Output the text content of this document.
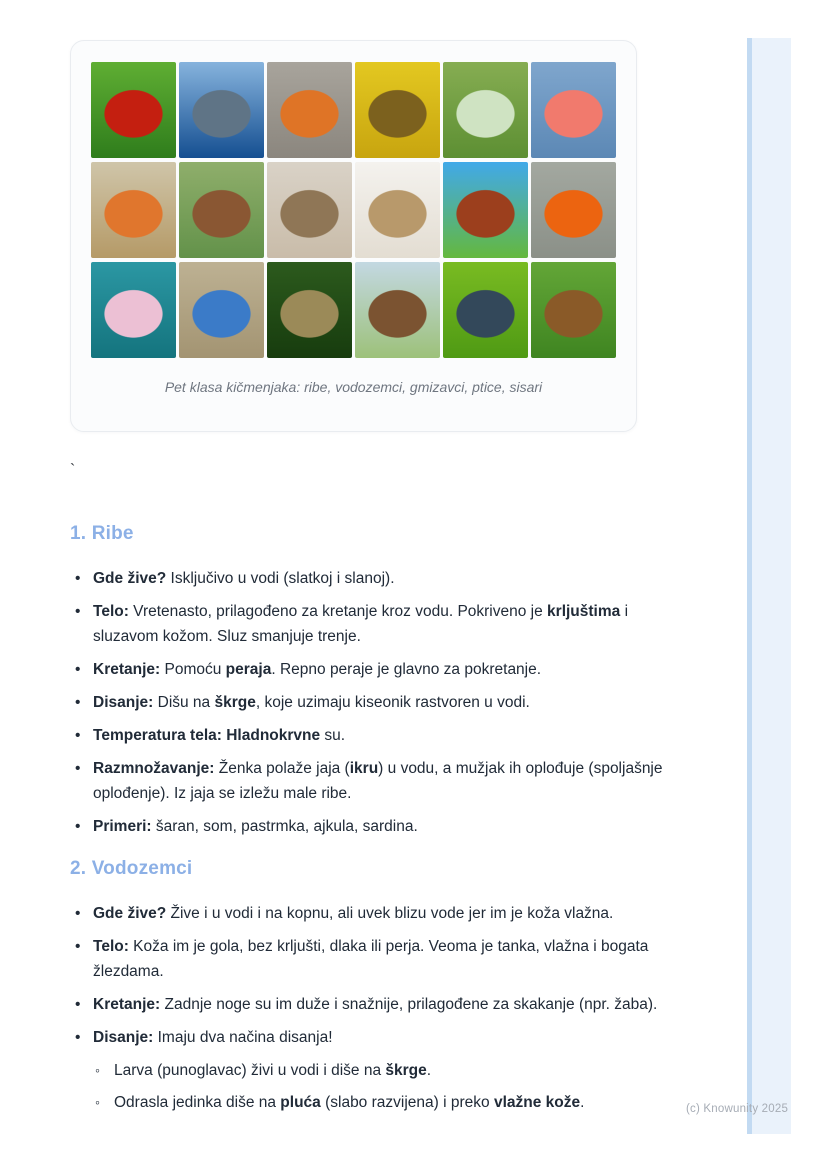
Pet klasa kičmenjaka: ribe, vodozemci, gmizavci, ptice, sisari
`
1. Ribe
• Gde žive? Isključivo u vodi (slatkoj i slanoj).
• Telo: Vretenasto, prilagođeno za kretanje kroz vodu. Pokriveno je krljuštima i sluzavom kožom. Sluz smanjuje trenje.
• Kretanje: Pomoću peraja. Repno peraje je glavno za pokretanje.
• Disanje: Dišu na škrge, koje uzimaju kiseonik rastvoren u vodi.
• Temperatura tela: Hladnokrvne su.
• Razmnožavanje: Ženka polaže jaja (ikru) u vodu, a mužjak ih oplođuje (spoljašnje oplođenje). Iz jaja se izležu male ribe.
• Primeri: šaran, som, pastrmka, ajkula, sardina.
2. Vodozemci
• Gde žive? Žive i u vodi i na kopnu, ali uvek blizu vode jer im je koža vlažna.
• Telo: Koža im je gola, bez krljušti, dlaka ili perja. Veoma je tanka, vlažna i bogata žlezdama.
• Kretanje: Zadnje noge su im duže i snažnije, prilagođene za skakanje (npr. žaba).
• Disanje: Imaju dva načina disanja!
◦ Larva (punoglavac) živi u vodi i diše na škrge.
◦ Odrasla jedinka diše na pluća (slabo razvijena) i preko vlažne kože.	(c) Knowunity 2025
